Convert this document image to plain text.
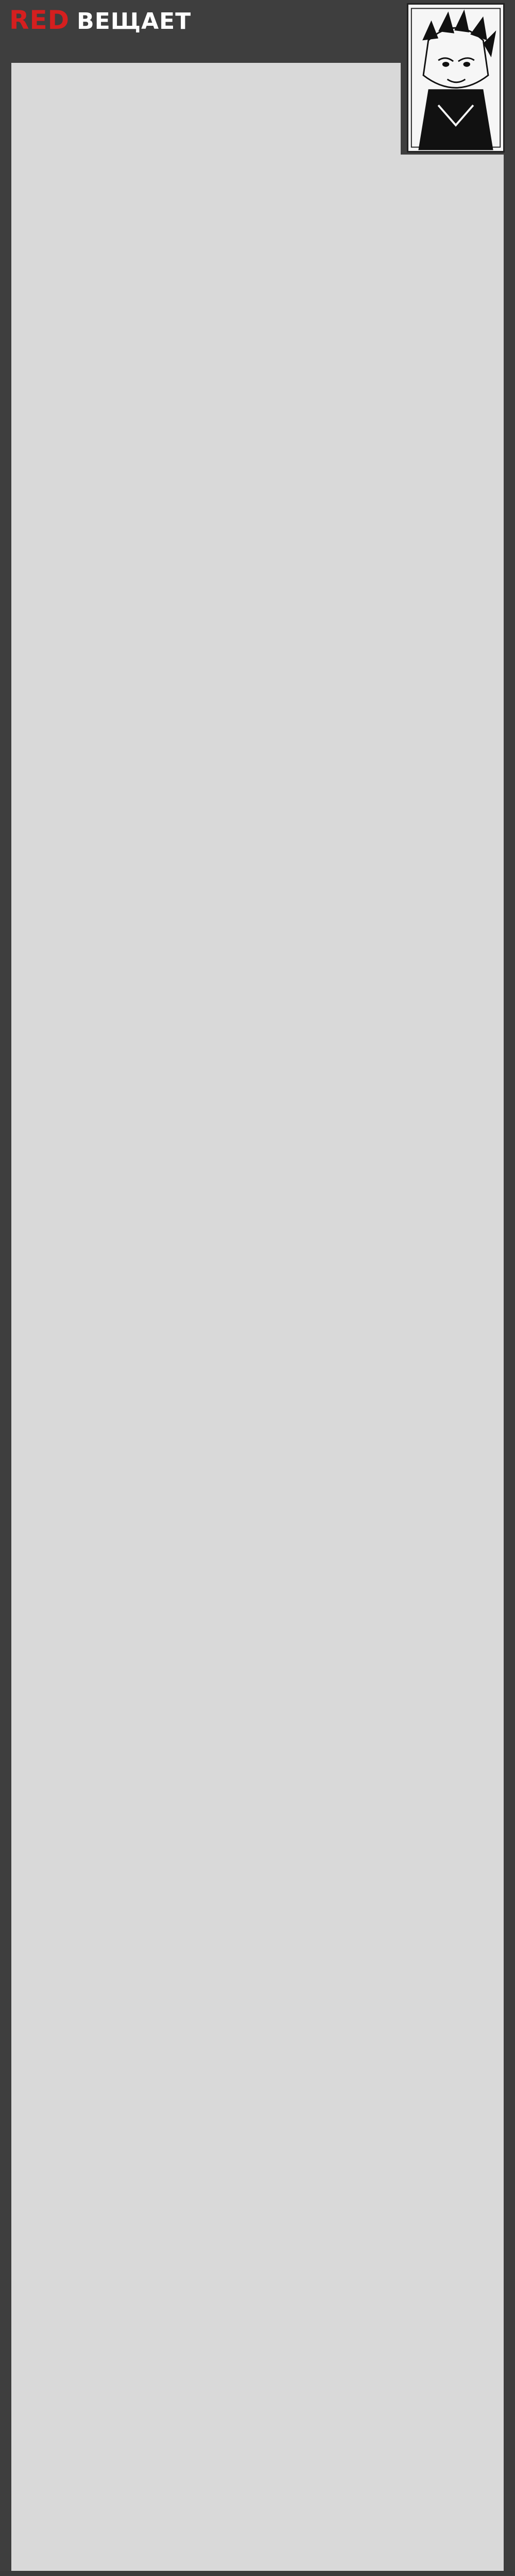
RED ВЕЩАЕТ
